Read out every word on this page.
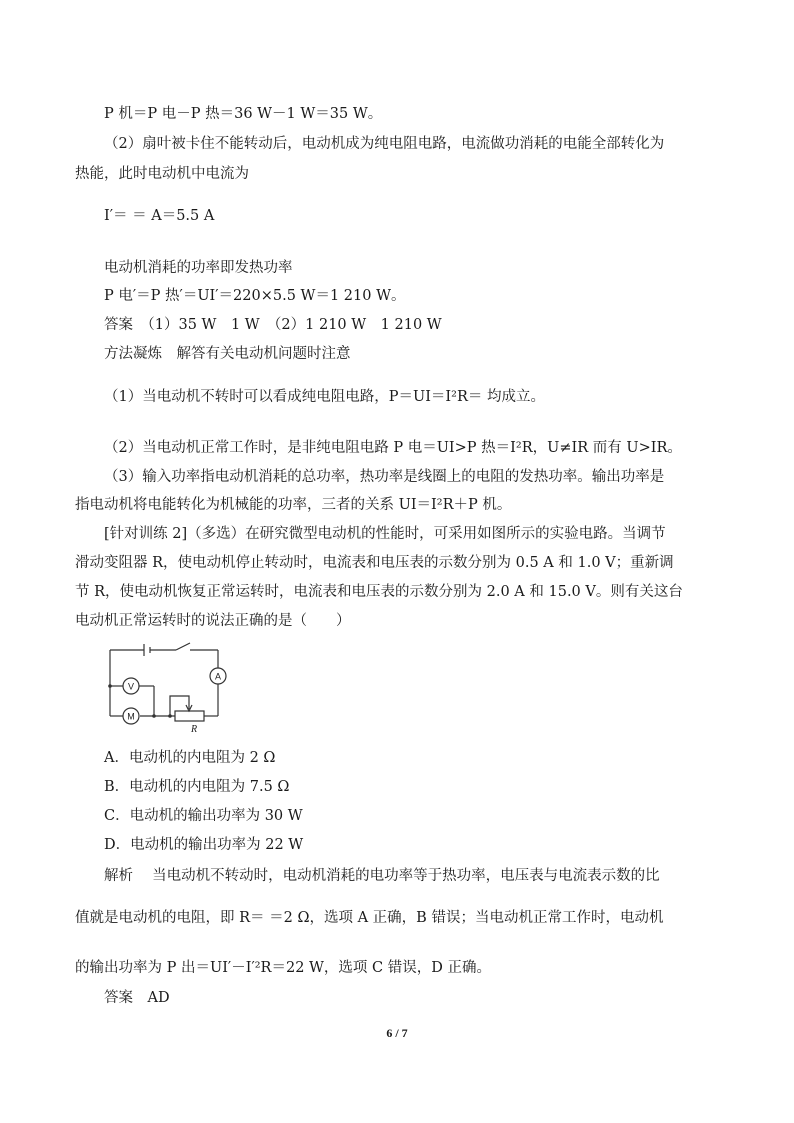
P 机＝P 电－P 热＝36 W－1 W＝35 W。
（2）扇叶被卡住不能转动后，电动机成为纯电阻电路，电流做功消耗的电能全部转化为
热能，此时电动机中电流为
I′＝ ＝ A＝5.5 A
电动机消耗的功率即发热功率
P 电′＝P 热′＝UI′＝220×5.5 W＝1 210 W。
答案　（1）35 W　1 W　（2）1 210 W　1 210 W
方法凝炼　解答有关电动机问题时注意
（1）当电动机不转时可以看成纯电阻电路，P＝UI＝I²R＝ 均成立。
（2）当电动机正常工作时，是非纯电阻电路 P 电＝UI>P 热＝I²R，U≠IR 而有 U>IR。
（3）输入功率指电动机消耗的总功率，热功率是线圈上的电阻的发热功率。输出功率是
指电动机将电能转化为机械能的功率，三者的关系 UI＝I²R＋P 机。
[针对训练 2]（多选）在研究微型电动机的性能时，可采用如图所示的实验电路。当调节
滑动变阻器 R，使电动机停止转动时，电流表和电压表的示数分别为 0.5 A 和 1.0 V；重新调
节 R，使电动机恢复正常运转时，电流表和电压表的示数分别为 2.0 A 和 15.0 V。则有关这台
电动机正常运转时的说法正确的是（　　）
A
V
M
R
A．电动机的内电阻为 2 Ω
B．电动机的内电阻为 7.5 Ω
C．电动机的输出功率为 30 W
D．电动机的输出功率为 22 W
解析　 当电动机不转动时，电动机消耗的电功率等于热功率，电压表与电流表示数的比
值就是电动机的电阻，即 R＝ ＝2 Ω，选项 A 正确，B 错误；当电动机正常工作时，电动机
的输出功率为 P 出＝UI′－I′²R＝22 W，选项 C 错误，D 正确。
答案　AD
6 / 7
